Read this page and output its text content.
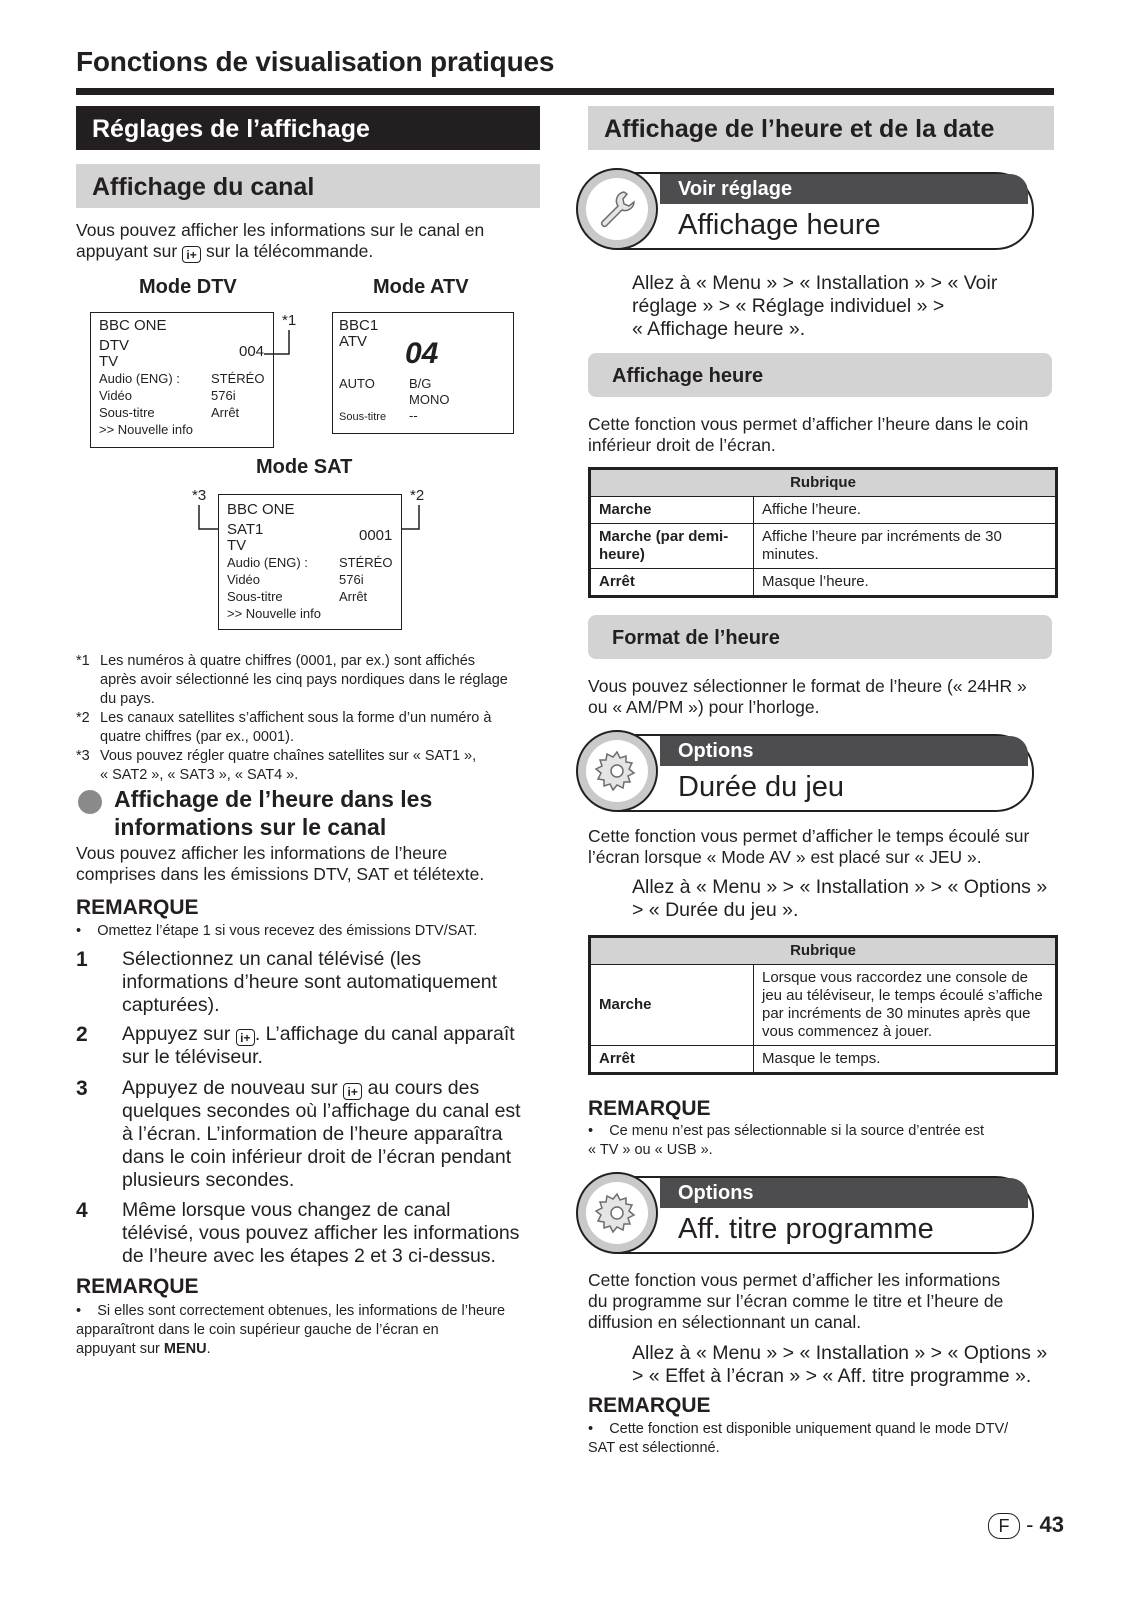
Fonctions de visualisation pratiques
Réglages de l’affichage
Affichage du canal

Vous pouvez afficher les informations sur le canal en

appuyant sur i+ sur la télécommande.

Mode DTV	Mode ATV
BBC ONE
DTV
TV
004
Audio (ENG) : STÉRÉO
Vidéo	576i
Sous-titre	Arrêt
>> Nouvelle info
*1	BBC1
ATV 04
AUTO	B/G
MONO
Sous-titre --
Mode SAT
*3	*2
BBC ONE
SAT1
TV
0001
Audio (ENG) : STÉRÉO
Vidéo	576i
Sous-titre	Arrêt
>> Nouvelle info
*1 Les numéros à quatre chiffres (0001, par ex.) sont affichés
après avoir sélectionné les cinq pays nordiques dans le réglage
du pays.
*2 Les canaux satellites s’affichent sous la forme d’un numéro à
quatre chiffres (par ex., 0001).
*3 Vous pouvez régler quatre chaînes satellites sur « SAT1 »,
« SAT2 », « SAT3 », « SAT4 ».
Affichage de l’heure dans les
informations sur le canal

Vous pouvez afficher les informations de l’heure

comprises dans les émissions DTV, SAT et télétexte.

REMARQUE
•    Omettez l’étape 1 si vous recevez des émissions DTV/SAT.
1 Sélectionnez un canal télévisé (les
informations d’heure sont automatiquement
capturées).
2 Appuyez sur i+ . L’affichage du canal apparaît
sur le téléviseur.
3 Appuyez de nouveau sur i+ au cours des
quelques secondes où l’affichage du canal est
à l’écran. L’information de l’heure apparaîtra
dans le coin inférieur droit de l’écran pendant
plusieurs secondes.
4 Même lorsque vous changez de canal
télévisé, vous pouvez afficher les informations
de l’heure avec les étapes 2 et 3 ci-dessus.
REMARQUE
•    Si elles sont correctement obtenues, les informations de l’heure
apparaîtront dans le coin supérieur gauche de l’écran en
appuyant sur MENU.
Affichage de l’heure et de la date
Voir réglage
Affichage heure
Allez à « Menu » > « Installation » > « Voir
réglage » > « Réglage individuel » >
« Affichage heure ».
Affichage heure

Cette fonction vous permet d’afficher l’heure dans le coin

inférieur droit de l’écran.

Rubrique	
Marche	Affiche l’heure.
Marche (par demi-heure)	Affiche l’heure par incréments de 30 minutes.
Arrêt	Masque l’heure.
Format de l’heure

Vous pouvez sélectionner le format de l’heure (« 24HR »

ou « AM/PM ») pour l’horloge.

Options
Durée du jeu

Cette fonction vous permet d’afficher le temps écoulé sur

l’écran lorsque « Mode AV » est placé sur « JEU ».

Allez à « Menu » > « Installation » > « Options »
> « Durée du jeu ».
Rubrique	
Marche	Lorsque vous raccordez une console de jeu au téléviseur, le temps écoulé s’affiche par incréments de 30 minutes après que vous commencez à jouer.
Arrêt	Masque le temps.
REMARQUE
•    Ce menu n’est pas sélectionnable si la source d’entrée est
« TV » ou « USB ».
Options
Aff. titre programme

Cette fonction vous permet d’afficher les informations

du programme sur l’écran comme le titre et l’heure de

diffusion en sélectionnant un canal.

Allez à « Menu » > « Installation » > « Options »
> « Effet à l’écran » > « Aff. titre programme ».
REMARQUE
•    Cette fonction est disponible uniquement quand le mode DTV/
SAT est sélectionné.
F - 43
